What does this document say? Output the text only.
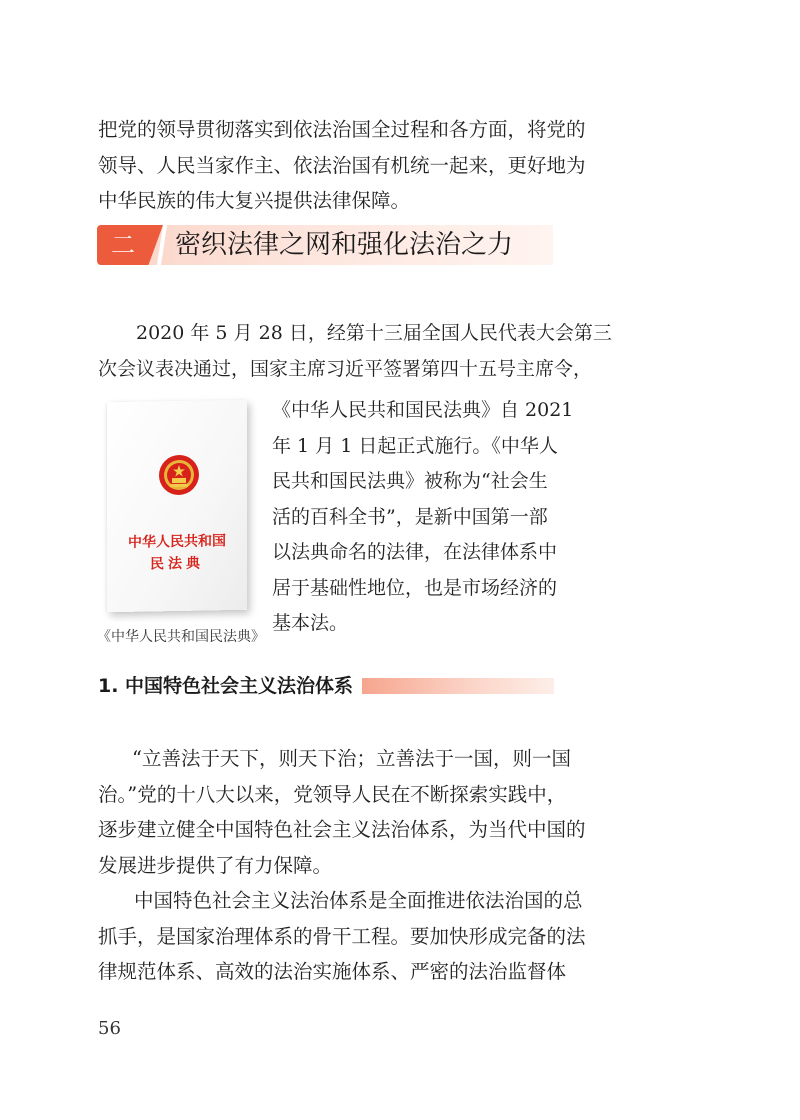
把党的领导贯彻落实到依法治国全过程和各方面，将党的
领导、人民当家作主、依法治国有机统一起来，更好地为
中华民族的伟大复兴提供法律保障。
二	密织法律之网和强化法治之力
2020 年 5 月 28 日，经第十三届全国人民代表大会第三
次会议表决通过，国家主席习近平签署第四十五号主席令，
中华人民共和国
民法典
《中华人民共和国民法典》
《中华人民共和国民法典》自 2021
年 1 月 1 日起正式施行。《中华人
民共和国民法典》被称为“社会生
活的百科全书”，是新中国第一部
以法典命名的法律，在法律体系中
居于基础性地位，也是市场经济的
基本法。
1. 中国特色社会主义法治体系
“立善法于天下，则天下治；立善法于一国，则一国
治。”党的十八大以来，党领导人民在不断探索实践中，
逐步建立健全中国特色社会主义法治体系，为当代中国的
发展进步提供了有力保障。
中国特色社会主义法治体系是全面推进依法治国的总
抓手，是国家治理体系的骨干工程。要加快形成完备的法
律规范体系、高效的法治实施体系、严密的法治监督体
56
